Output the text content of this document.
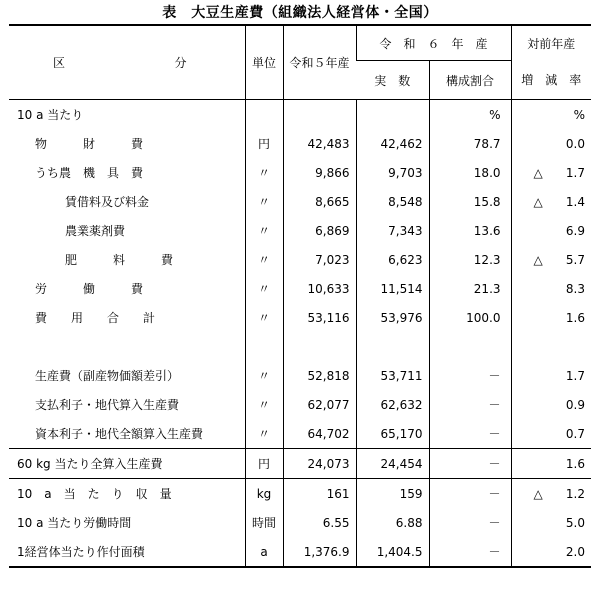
表　大豆生産費（組織法人経営体・全国）
区 分	単位	令和５年産	令　和　６　年　産		対前年産
			実　数	構成割合	増　減　率
10 a 当たり				%	%

物　　　財　　　費	円	42,483	42,462	78.7	0.0

うち農　機　具　費	〃	9,866	9,703	18.0	△ 1.7

賃借料及び料金	〃	8,665	8,548	15.8	△ 1.4

農業薬剤費	〃	6,869	7,343	13.6	6.9

肥　　　料　　　費	〃	7,023	6,623	12.3	△ 5.7

労　　　働　　　費	〃	10,633	11,514	21.3	8.3

費　　用　　合　　計	〃	53,116	53,976	100.0	1.6

生産費（副産物価額差引）	〃	52,818	53,711	－	1.7

支払利子・地代算入生産費	〃	62,077	62,632	－	0.9

資本利子・地代全額算入生産費	〃	64,702	65,170	－	0.7

60 kg 当たり全算入生産費	円	24,073	24,454	－	1.6

10　a　当　た　り　収　量	kg	161	159	－	△ 1.2

10 a 当たり労働時間	時間	6.55	6.88	－	5.0

1経営体当たり作付面積	a	1,376.9	1,404.5	－	2.0
